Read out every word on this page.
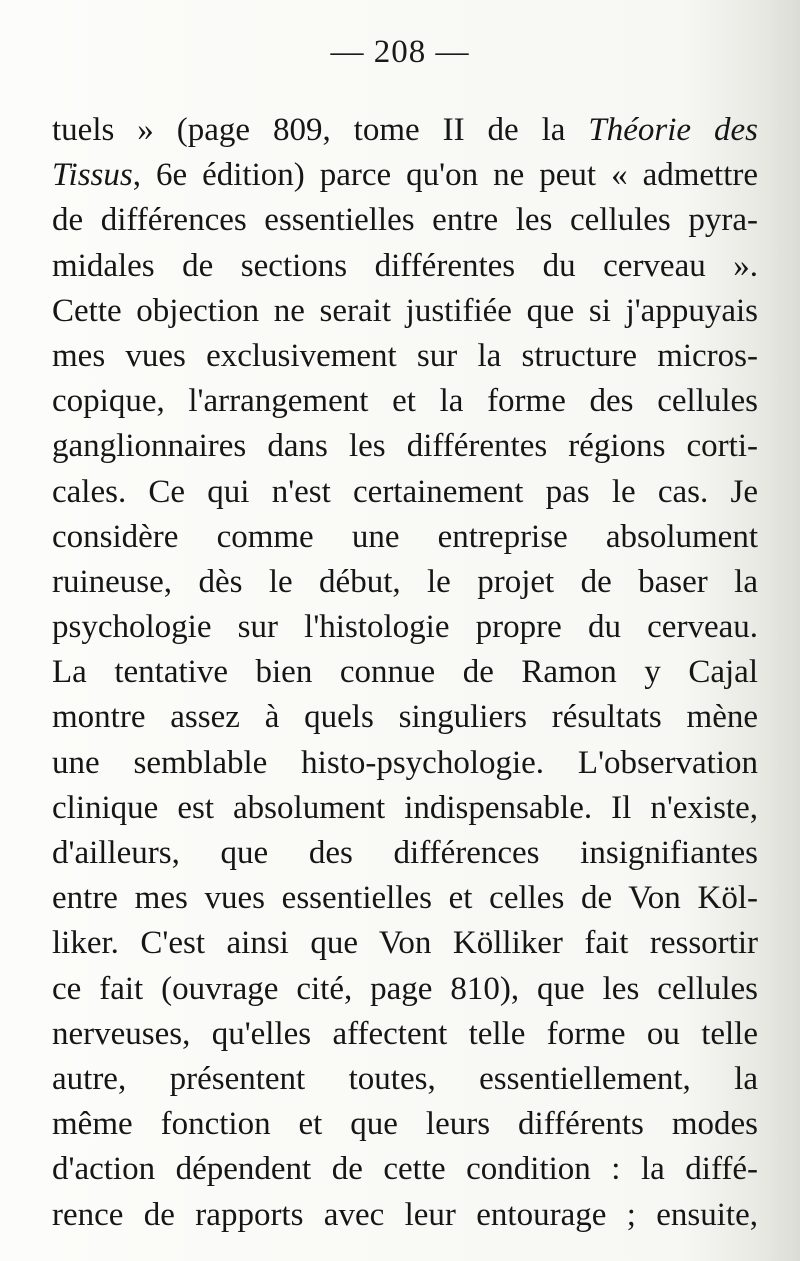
— 208 —
tuels » (page 809, tome II de la Théorie des
Tissus, 6e édition) parce qu'on ne peut « admettre
de différences essentielles entre les cellules pyra-
midales de sections différentes du cerveau ».
Cette objection ne serait justifiée que si j'appuyais
mes vues exclusivement sur la structure micros-
copique, l'arrangement et la forme des cellules
ganglionnaires dans les différentes régions corti-
cales. Ce qui n'est certainement pas le cas. Je
considère comme une entreprise absolument
ruineuse, dès le début, le projet de baser la
psychologie sur l'histologie propre du cerveau.
La tentative bien connue de Ramon y Cajal
montre assez à quels singuliers résultats mène
une semblable histo-psychologie. L'observation
clinique est absolument indispensable. Il n'existe,
d'ailleurs, que des différences insignifiantes
entre mes vues essentielles et celles de Von Köl-
liker. C'est ainsi que Von Kölliker fait ressortir
ce fait (ouvrage cité, page 810), que les cellules
nerveuses, qu'elles affectent telle forme ou telle
autre, présentent toutes, essentiellement, la
même fonction et que leurs différents modes
d'action dépendent de cette condition : la diffé-
rence de rapports avec leur entourage ; ensuite,
